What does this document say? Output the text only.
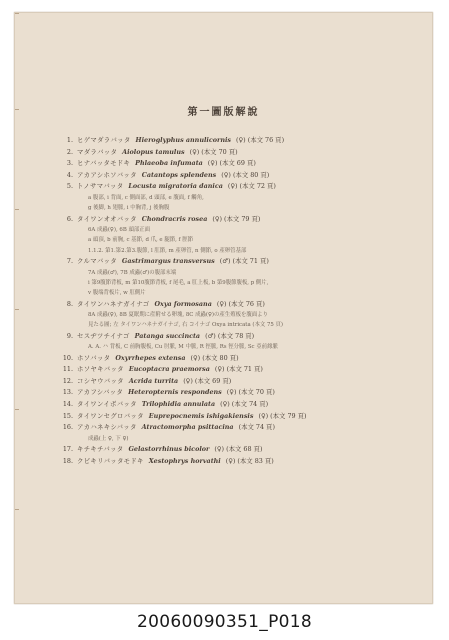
第一圖版解說
1. ヒゲマダラバッタ Hieroglyphus annulicornis (♀) (本文 76 頁)
2. マダラバッタ Aiolopus tamulus (♀) (本文 70 頁)
3. ヒナバッタモドキ Phlaeoba infumata (♀) (本文 69 頁)
4. アカアシホソバッタ Catantops splendens (♀) (本文 80 頁)
5. トノサマバッタ Locusta migratoria danica (♀) (本文 72 頁)
a 腹部, i 背面, c 側面部, d 頭部, e 腹面, f 觸角,
g 後脚, h 翅脈, i 中胸背, j 後胸腹
6. タイワンオオバッタ Chondracris rosea (♀) (本文 79 頁)
6A 成蟲(♀), 6B 頭部正面
a 頭頂, b 前胸, c 基節, d 爪, e 腿節, f 脛節
1.1.2. 第1.第2.第3.腹節, l 肛節, m 產卵管, n 側節, o 產卵管基部
7. クルマバッタ Gastrimargus transversus (♂) (本文 71 頁)
7A 成蟲(♂), 7B 成蟲(♂)の腹部末端
i 第9腹節背板, m 第10腹節背板, f 尾毛, a 肛上板, b 第9腹節腹板, p 側片,
v 腹端背板片, w 肛側片
8. タイワンハネナガイナゴ Oxya formosana (♀) (本文 76 頁)
8A 成蟲(♀), 8B 夏眠期に産附せる卵塊, 8C 成蟲(♀)の產生殖板を腹面より
見たる圖; 左 タイワンハネナガイナゴ, 右 コイナゴ Oxya intricata (本文 75 頁)
9. セスヂツチイナゴ Patanga succincta (♂) (本文 78 頁)
A. A. ハ 背板, C 前胸腹板, Cu 肘脈, M 中脈, R 徑脈, Rs 徑分脈, Sc 亞前緣脈
10. ホソバッタ Oxyrrhepes extensa (♀) (本文 80 頁)
11. ホソヤキバッタ Eucoptacra praemorsa (♀) (本文 71 頁)
12. コシヤウバッタ Acrida turrita (♀) (本文 69 頁)
13. アカフシバッタ Heteropternis respondens (♀) (本文 70 頁)
14. タイワンイボバッタ Trilophidia annulata (♀) (本文 74 頁)
15. タイワンセグロバッタ Euprepocnemis ishigakiensis (♀) (本文 79 頁)
16. アカハネキシバッタ Atractomorpha psittacina (本文 74 頁)
成蟲(上 ♀, 下 ♀)
17. キチキチバッタ Gelastorrhinus bicolor (♀) (本文 68 頁)
18. クビキリバッタモドキ Xestophrys horvathi (♀) (本文 83 頁)
20060090351_P018
